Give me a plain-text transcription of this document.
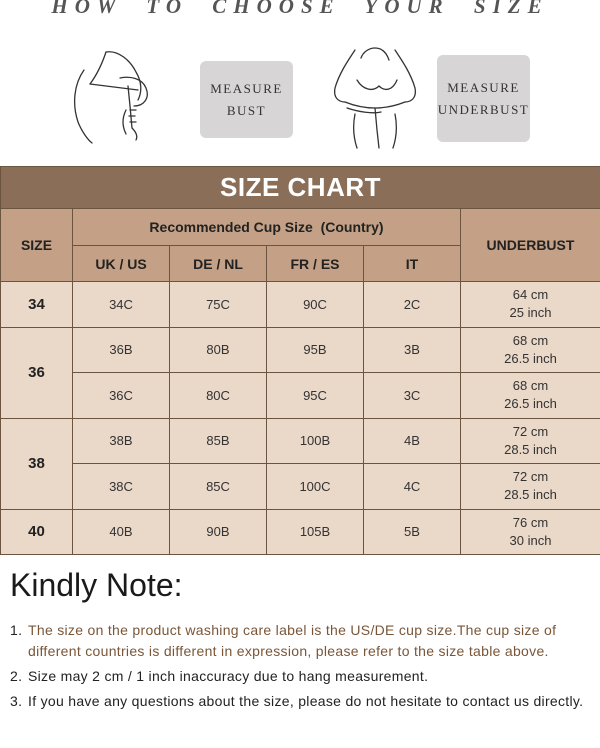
HOW TO CHOOSE YOUR SIZE
MEASURE
BUST
MEASURE
UNDERBUST
SIZE CHART					
SIZE	Recommended Cup Size  (Country)				UNDERBUST
	UK / US	DE / NL	FR / ES	IT	
34	34C	75C	90C	2C	64 cm
25 inch

36	36B	80B	95B	3B	68 cm
26.5 inch

	36C	80C	95C	3C	68 cm
26.5 inch

38	38B	85B	100B	4B	72 cm
28.5 inch

	38C	85C	100C	4C	72 cm
28.5 inch

40	40B	90B	105B	5B	76 cm
30 inch
Kindly Note:
1. The size on the product washing care label is the US/DE cup size.The cup size of different countries is different in expression, please refer to the size table above.
2. Size may 2 cm / 1 inch inaccuracy due to hang measurement.
3. If you have any questions about the size, please do not hesitate to contact us directly.
